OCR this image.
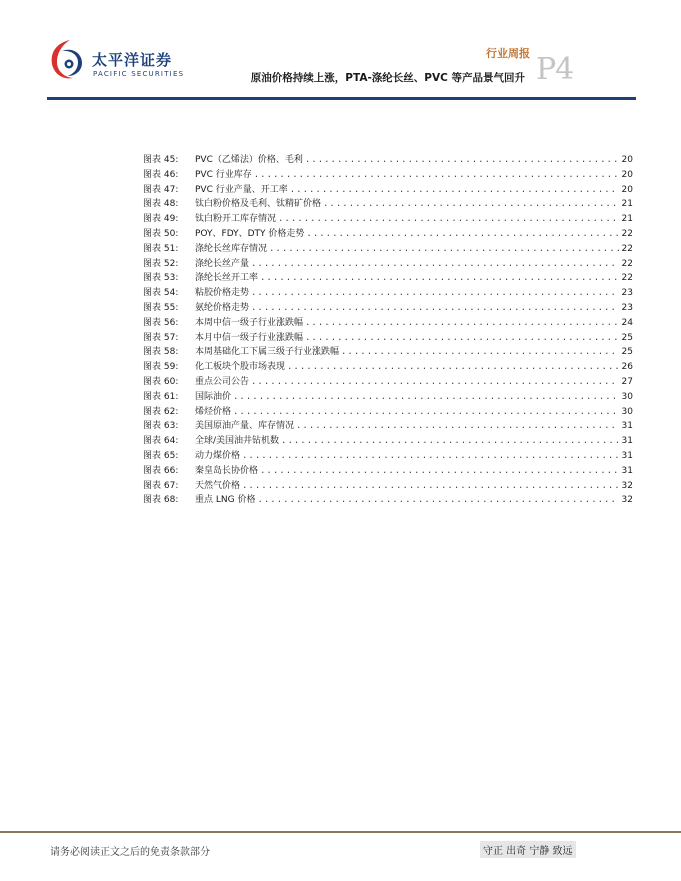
太平洋证券
PACIFIC SECURITIES
行业周报
原油价格持续上涨，PTA-涤纶长丝、PVC 等产品景气回升 P4
图表 45:	PVC（乙烯法）价格、毛利 .....	20
图表 46:	PVC 行业库存 .....	20
图表 47:	PVC 行业产量、开工率 .....	20
图表 48:	钛白粉价格及毛利、钛精矿价格 .....	21
图表 49:	钛白粉开工库存情况 .....	21
图表 50:	POY、FDY、DTY 价格走势 .....	22
图表 51:	涤纶长丝库存情况 .....	22
图表 52:	涤纶长丝产量 .....	22
图表 53:	涤纶长丝开工率 .....	22
图表 54:	粘胶价格走势 .....	23
图表 55:	氨纶价格走势 .....	23
图表 56:	本周中信一级子行业涨跌幅 .....	24
图表 57:	本月中信一级子行业涨跌幅 .....	25
图表 58:	本周基础化工下属三级子行业涨跌幅 .....	25
图表 59:	化工板块个股市场表现 .....	26
图表 60:	重点公司公告 .....	27
图表 61:	国际油价 .....	30
图表 62:	烯烃价格 .....	30
图表 63:	美国原油产量、库存情况 .....	31
图表 64:	全球/美国油井钻机数 .....	31
图表 65:	动力煤价格 .....	31
图表 66:	秦皇岛长协价格 .....	31
图表 67:	天然气价格 .....	32
图表 68:	重点 LNG 价格 .....	32
请务必阅读正文之后的免责条款部分	守正 出奇 宁静 致远
